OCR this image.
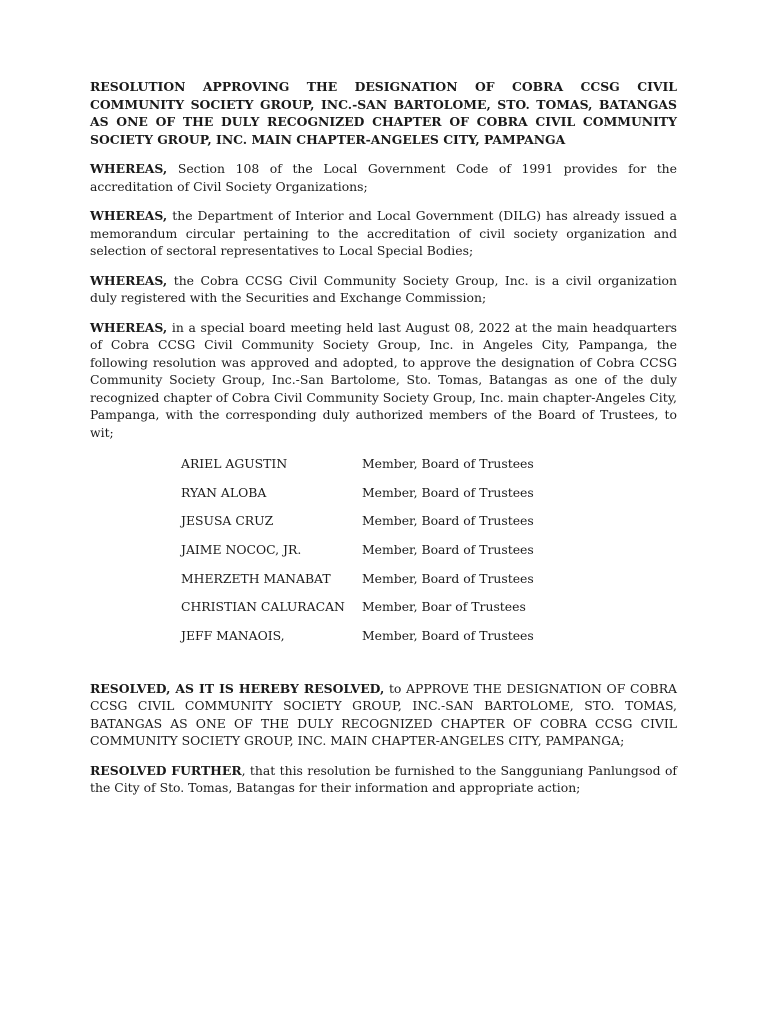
RESOLUTION APPROVING THE DESIGNATION OF COBRA CCSG CIVIL COMMUNITY SOCIETY GROUP, INC.-SAN BARTOLOME, STO. TOMAS, BATANGAS AS ONE OF THE DULY RECOGNIZED CHAPTER OF COBRA CIVIL COMMUNITY SOCIETY GROUP, INC. MAIN CHAPTER-ANGELES CITY, PAMPANGA

WHEREAS, Section 108 of the Local Government Code of 1991 provides for the accreditation of Civil Society Organizations;

WHEREAS, the Department of Interior and Local Government (DILG) has already issued a memorandum circular pertaining to the accreditation of civil society organization and selection of sectoral representatives to Local Special Bodies;

WHEREAS, the Cobra CCSG Civil Community Society Group, Inc. is a civil organization duly registered with the Securities and Exchange Commission;

WHEREAS, in a special board meeting held last August 08, 2022 at the main headquarters of Cobra CCSG Civil Community Society Group, Inc. in Angeles City, Pampanga, the following resolution was approved and adopted, to approve the designation of Cobra CCSG Community Society Group, Inc.-San Bartolome, Sto. Tomas, Batangas as one of the duly recognized chapter of Cobra Civil Community Society Group, Inc. main chapter-Angeles City, Pampanga, with the corresponding duly authorized members of the Board of Trustees, to wit;

ARIEL AGUSTIN	Member, Board of Trustees
RYAN ALOBA	Member, Board of Trustees
JESUSA CRUZ	Member, Board of Trustees
JAIME NOCOC, JR.	Member, Board of Trustees
MHERZETH MANABAT	Member, Board of Trustees
CHRISTIAN CALURACAN	Member, Boar of Trustees
JEFF MANAOIS,	Member, Board of Trustees

RESOLVED, AS IT IS HEREBY RESOLVED, to APPROVE THE DESIGNATION OF COBRA CCSG CIVIL COMMUNITY SOCIETY GROUP, INC.-SAN BARTOLOME, STO. TOMAS, BATANGAS AS ONE OF THE DULY RECOGNIZED CHAPTER OF COBRA CCSG CIVIL COMMUNITY SOCIETY GROUP, INC. MAIN CHAPTER-ANGELES CITY, PAMPANGA;

RESOLVED FURTHER, that this resolution be furnished to the Sangguniang Panlungsod of the City of Sto. Tomas, Batangas for their information and appropriate action;
